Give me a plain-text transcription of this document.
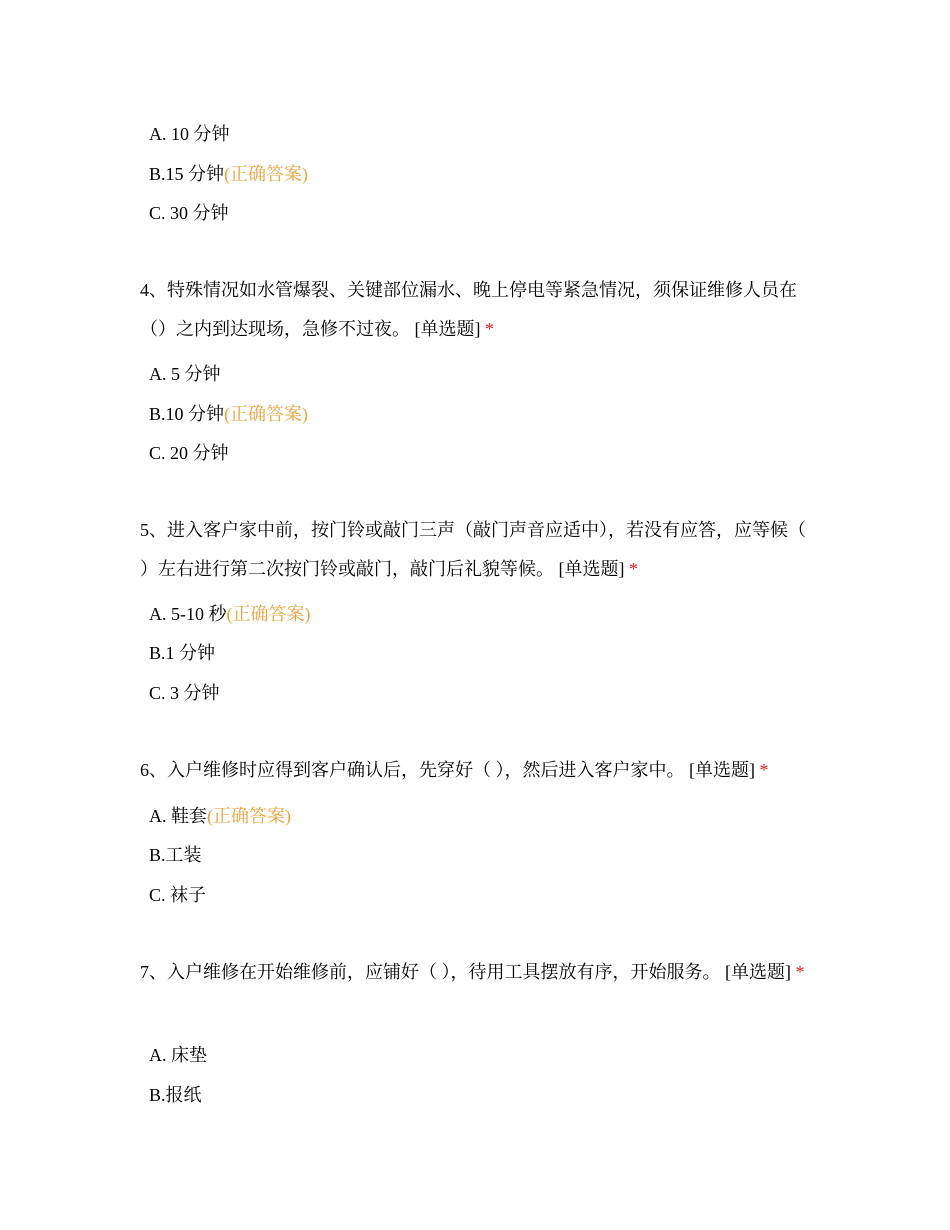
A. 10 分钟
B.15 分钟(正确答案)
C. 30 分钟
4、特殊情况如水管爆裂、关键部位漏水、晚上停电等紧急情况，须保证维修人员在（）之内到达现场，急修不过夜。 [单选题] *
A. 5 分钟
B.10 分钟(正确答案)
C. 20 分钟
5、进入客户家中前，按门铃或敲门三声（敲门声音应适中），若没有应答，应等候（ ）左右进行第二次按门铃或敲门，敲门后礼貌等候。 [单选题] *
A. 5-10 秒(正确答案)
B.1 分钟
C. 3 分钟
6、入户维修时应得到客户确认后，先穿好（ ），然后进入客户家中。 [单选题] *
A. 鞋套(正确答案)
B.工装
C. 袜子
7、入户维修在开始维修前，应铺好（ ），待用工具摆放有序，开始服务。 [单选题] *
A. 床垫
B.报纸
